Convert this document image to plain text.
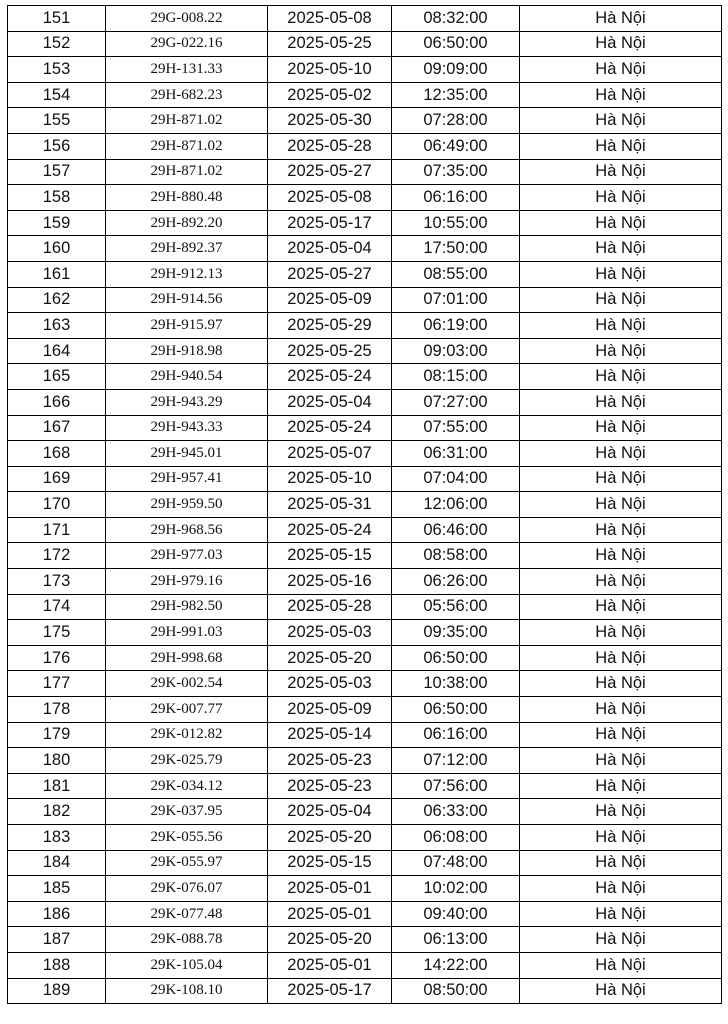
151	29G-008.22	2025-05-08	08:32:00	Hà Nội
152	29G-022.16	2025-05-25	06:50:00	Hà Nội
153	29H-131.33	2025-05-10	09:09:00	Hà Nội
154	29H-682.23	2025-05-02	12:35:00	Hà Nội
155	29H-871.02	2025-05-30	07:28:00	Hà Nội
156	29H-871.02	2025-05-28	06:49:00	Hà Nội
157	29H-871.02	2025-05-27	07:35:00	Hà Nội
158	29H-880.48	2025-05-08	06:16:00	Hà Nội
159	29H-892.20	2025-05-17	10:55:00	Hà Nội
160	29H-892.37	2025-05-04	17:50:00	Hà Nội
161	29H-912.13	2025-05-27	08:55:00	Hà Nội
162	29H-914.56	2025-05-09	07:01:00	Hà Nội
163	29H-915.97	2025-05-29	06:19:00	Hà Nội
164	29H-918.98	2025-05-25	09:03:00	Hà Nội
165	29H-940.54	2025-05-24	08:15:00	Hà Nội
166	29H-943.29	2025-05-04	07:27:00	Hà Nội
167	29H-943.33	2025-05-24	07:55:00	Hà Nội
168	29H-945.01	2025-05-07	06:31:00	Hà Nội
169	29H-957.41	2025-05-10	07:04:00	Hà Nội
170	29H-959.50	2025-05-31	12:06:00	Hà Nội
171	29H-968.56	2025-05-24	06:46:00	Hà Nội
172	29H-977.03	2025-05-15	08:58:00	Hà Nội
173	29H-979.16	2025-05-16	06:26:00	Hà Nội
174	29H-982.50	2025-05-28	05:56:00	Hà Nội
175	29H-991.03	2025-05-03	09:35:00	Hà Nội
176	29H-998.68	2025-05-20	06:50:00	Hà Nội
177	29K-002.54	2025-05-03	10:38:00	Hà Nội
178	29K-007.77	2025-05-09	06:50:00	Hà Nội
179	29K-012.82	2025-05-14	06:16:00	Hà Nội
180	29K-025.79	2025-05-23	07:12:00	Hà Nội
181	29K-034.12	2025-05-23	07:56:00	Hà Nội
182	29K-037.95	2025-05-04	06:33:00	Hà Nội
183	29K-055.56	2025-05-20	06:08:00	Hà Nội
184	29K-055.97	2025-05-15	07:48:00	Hà Nội
185	29K-076.07	2025-05-01	10:02:00	Hà Nội
186	29K-077.48	2025-05-01	09:40:00	Hà Nội
187	29K-088.78	2025-05-20	06:13:00	Hà Nội
188	29K-105.04	2025-05-01	14:22:00	Hà Nội
189	29K-108.10	2025-05-17	08:50:00	Hà Nội
